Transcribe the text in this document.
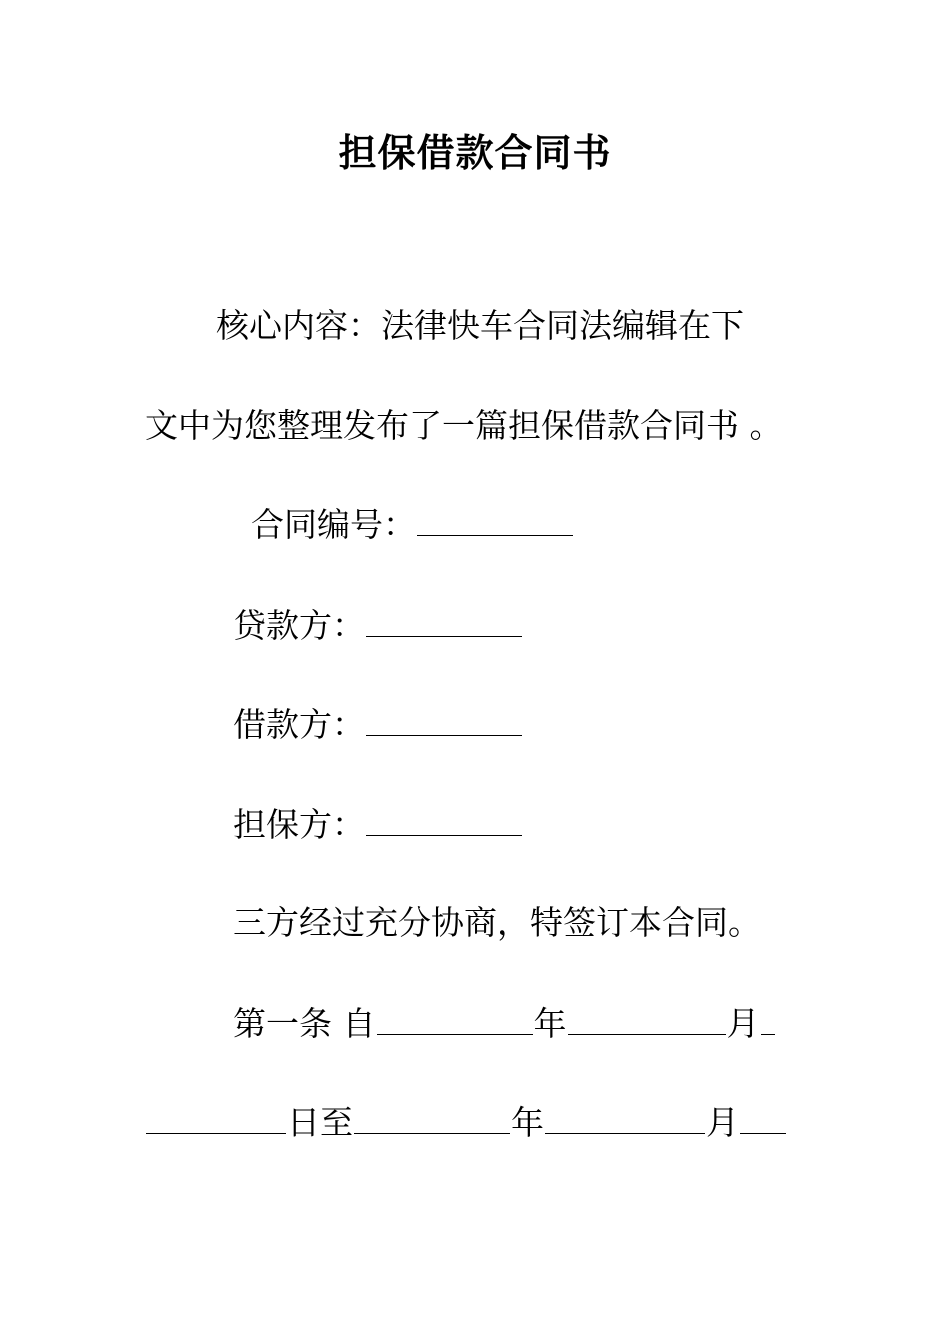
担保借款合同书
核心内容：法律快车合同法编辑在下
文中为您整理发布了一篇担保借款合同书 。
合同编号：
贷款方：
借款方：
担保方：
三方经过充分协商，特签订本合同。
第一条 自	年	月
日至	年	月
